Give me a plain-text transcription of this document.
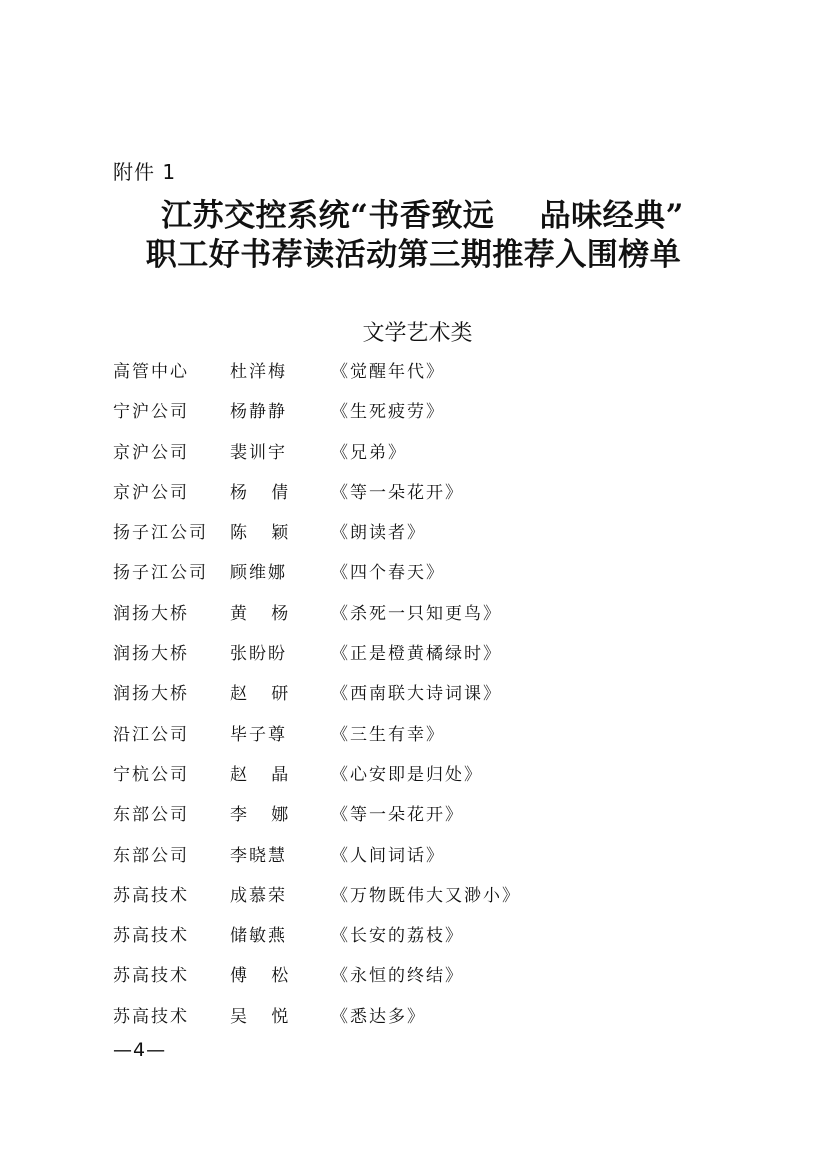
附件 1
江苏交控系统“书香致远    品味经典”
职工好书荐读活动第三期推荐入围榜单
文学艺术类
高管中心 杜洋梅	《觉醒年代》
宁沪公司 杨静静	《生死疲劳》
京沪公司 裴训宇	《兄弟》
京沪公司 杨   倩 《等一朵花开》
扬子江公司 陈   颖 《朗读者》
扬子江公司 顾维娜	《四个春天》
润扬大桥 黄   杨 《杀死一只知更鸟》
润扬大桥 张盼盼	《正是橙黄橘绿时》
润扬大桥 赵   研 《西南联大诗词课》
沿江公司 毕子尊	《三生有幸》
宁杭公司 赵   晶 《心安即是归处》
东部公司 李   娜 《等一朵花开》
东部公司 李晓慧	《人间词话》
苏高技术 成慕荣	《万物既伟大又渺小》
苏高技术 储敏燕	《长安的荔枝》
苏高技术 傅   松 《永恒的终结》
苏高技术 吴   悦 《悉达多》
—4—
